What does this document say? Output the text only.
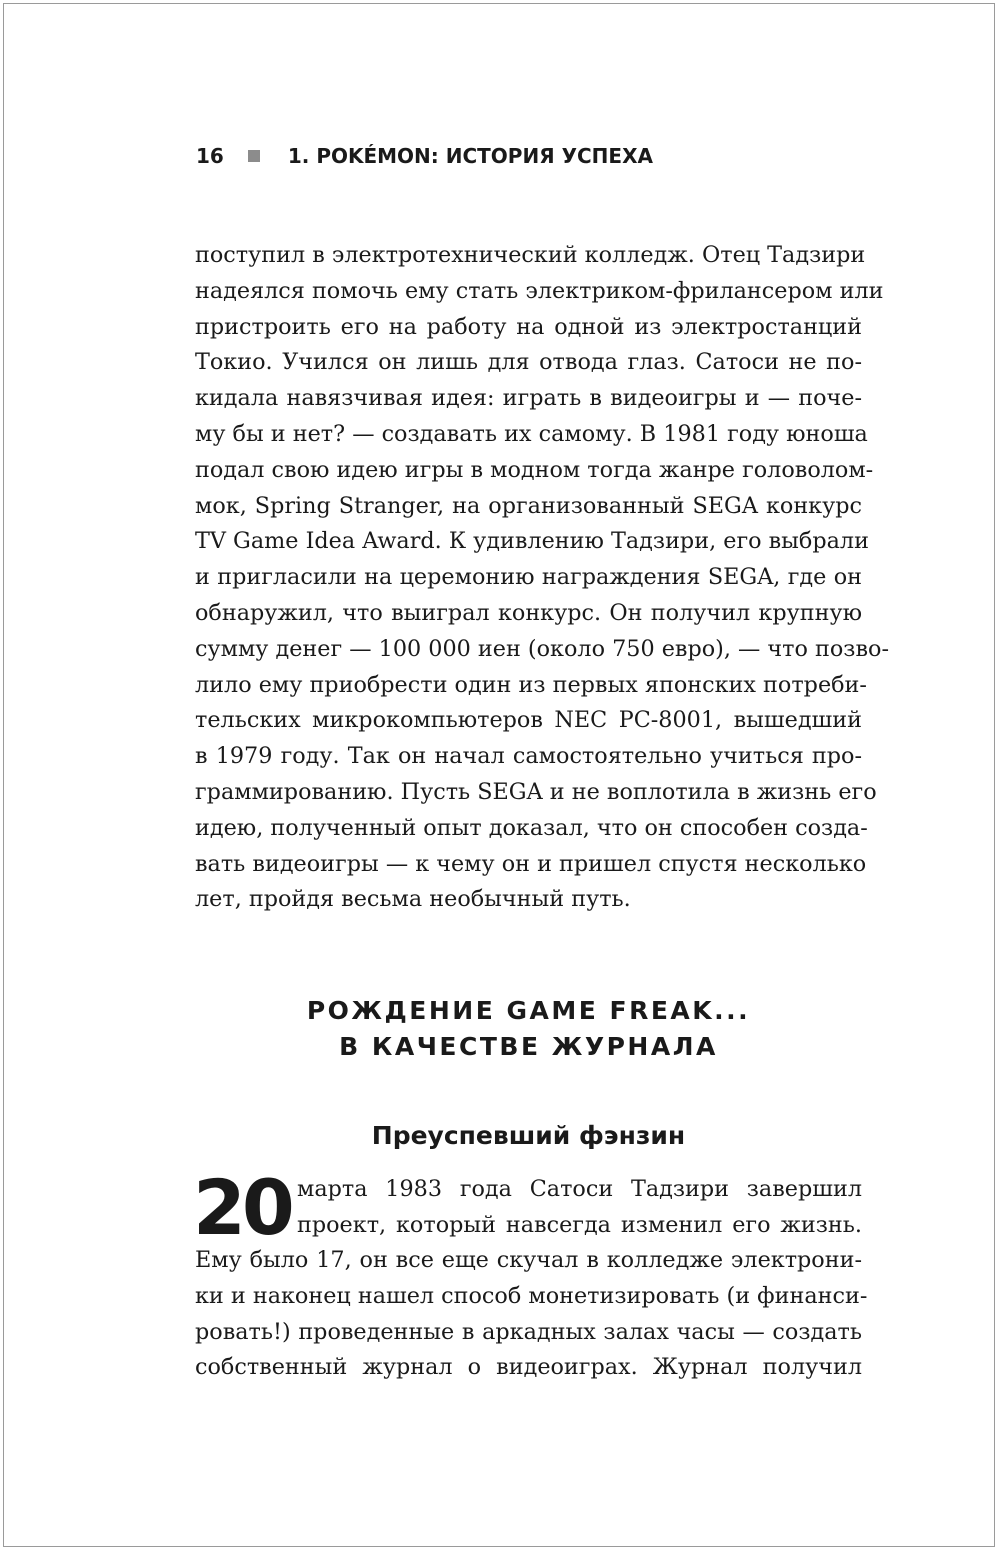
16	1. POKÉMON: ИСТОРИЯ УСПЕХА
поступил в электротехнический колледж. Отец Тадзири
надеялся помочь ему стать электриком-фрилансером или
пристроить его на работу на одной из электростанций
Токио. Учился он лишь для отвода глаз. Сатоси не по-
кидала навязчивая идея: играть в видеоигры и — поче-
му бы и нет? — создавать их самому. В 1981 году юноша
подал свою идею игры в модном тогда жанре головолом-
мок, Spring Stranger, на организованный SEGA конкурс
TV Game Idea Award. К удивлению Тадзири, его выбрали
и пригласили на церемонию награждения SEGA, где он
обнаружил, что выиграл конкурс. Он получил крупную
сумму денег — 100 000 иен (около 750 евро), — что позво-
лило ему приобрести один из первых японских потреби-
тельских микрокомпьютеров NEC PC-8001, вышедший
в 1979 году. Так он начал самостоятельно учиться про-
граммированию. Пусть SEGA и не воплотила в жизнь его
идею, полученный опыт доказал, что он способен созда-
вать видеоигры — к чему он и пришел спустя несколько
лет, пройдя весьма необычный путь.
РОЖДЕНИЕ GAME FREAK...
В КАЧЕСТВЕ ЖУРНАЛА
Преуспевший фэнзин
20 марта 1983 года Сатоси Тадзири завершил
проект, который навсегда изменил его жизнь.
Ему было 17, он все еще скучал в колледже электрони-
ки и наконец нашел способ монетизировать (и финанси-
ровать!) проведенные в аркадных залах часы — создать
собственный журнал о видеоиграх. Журнал получил
